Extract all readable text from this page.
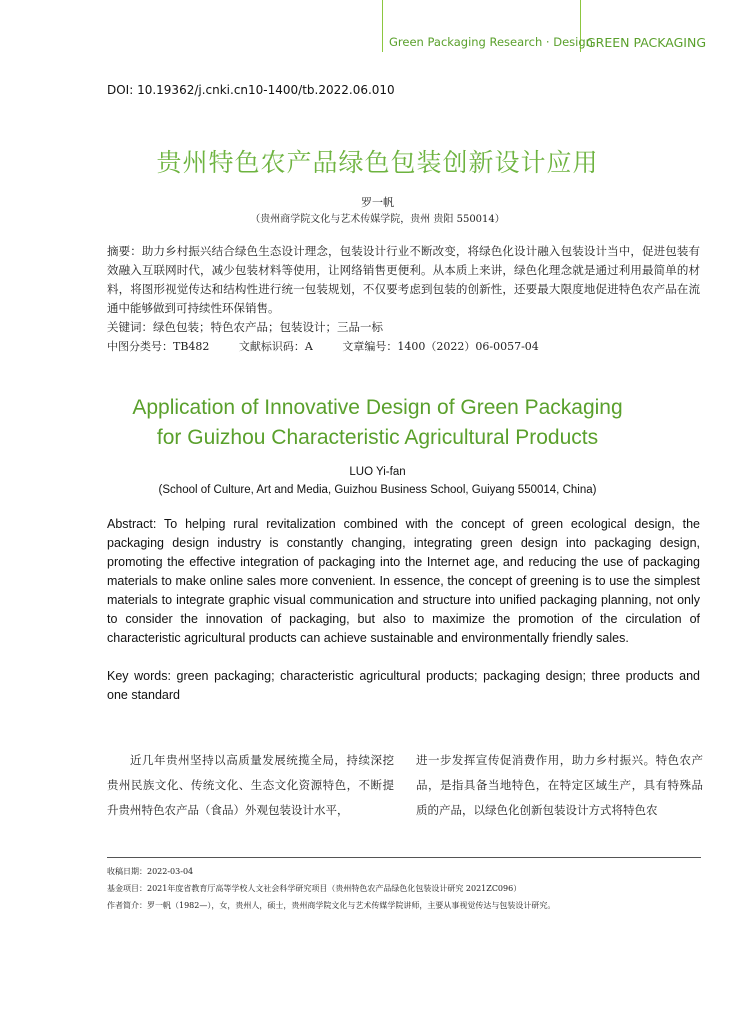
Green Packaging Research · Design
GREEN PACKAGING
DOI: 10.19362/j.cnki.cn10-1400/tb.2022.06.010
贵州特色农产品绿色包装创新设计应用
罗一帆
（贵州商学院文化与艺术传媒学院，贵州 贵阳 550014）
摘要：助力乡村振兴结合绿色生态设计理念，包装设计行业不断改变，将绿色化设计融入包装设计当中，促进包装有效融入互联网时代，减少包装材料等使用，让网络销售更便利。从本质上来讲，绿色化理念就是通过利用最简单的材料，将图形视觉传达和结构性进行统一包装规划，不仅要考虑到包装的创新性，还要最大限度地促进特色农产品在流通中能够做到可持续性环保销售。
关键词：绿色包装；特色农产品；包装设计；三品一标
中图分类号：TB482	文献标识码：A	文章编号：1400（2022）06-0057-04
Application of Innovative Design of Green Packaging
for Guizhou Characteristic Agricultural Products
LUO Yi-fan
(School of Culture, Art and Media, Guizhou Business School, Guiyang 550014, China)
Abstract: To helping rural revitalization combined with the concept of green ecological design, the packaging design industry is constantly changing, integrating green design into packaging design, promoting the effective integration of packaging into the Internet age, and reducing the use of packaging materials to make online sales more convenient. In essence, the concept of greening is to use the simplest materials to integrate graphic visual communication and structure into unified packaging planning, not only to consider the innovation of packaging, but also to maximize the promotion of the circulation of characteristic agricultural products can achieve sustainable and environmentally friendly sales.
Key words: green packaging; characteristic agricultural products; packaging design; three products and one standard
近几年贵州坚持以高质量发展统揽全局，持续深挖贵州民族文化、传统文化、生态文化资源特色，不断提升贵州特色农产品（食品）外观包装设计水平，
进一步发挥宣传促消费作用，助力乡村振兴。特色农产品，是指具备当地特色，在特定区域生产，具有特殊品质的产品，以绿色化创新包装设计方式将特色农
收稿日期：2022-03-04
基金项目：2021年度省教育厅高等学校人文社会科学研究项目（贵州特色农产品绿色化包装设计研究 2021ZC096）
作者简介：罗一帆（1982—），女，贵州人，硕士，贵州商学院文化与艺术传媒学院讲师，主要从事视觉传达与包装设计研究。
